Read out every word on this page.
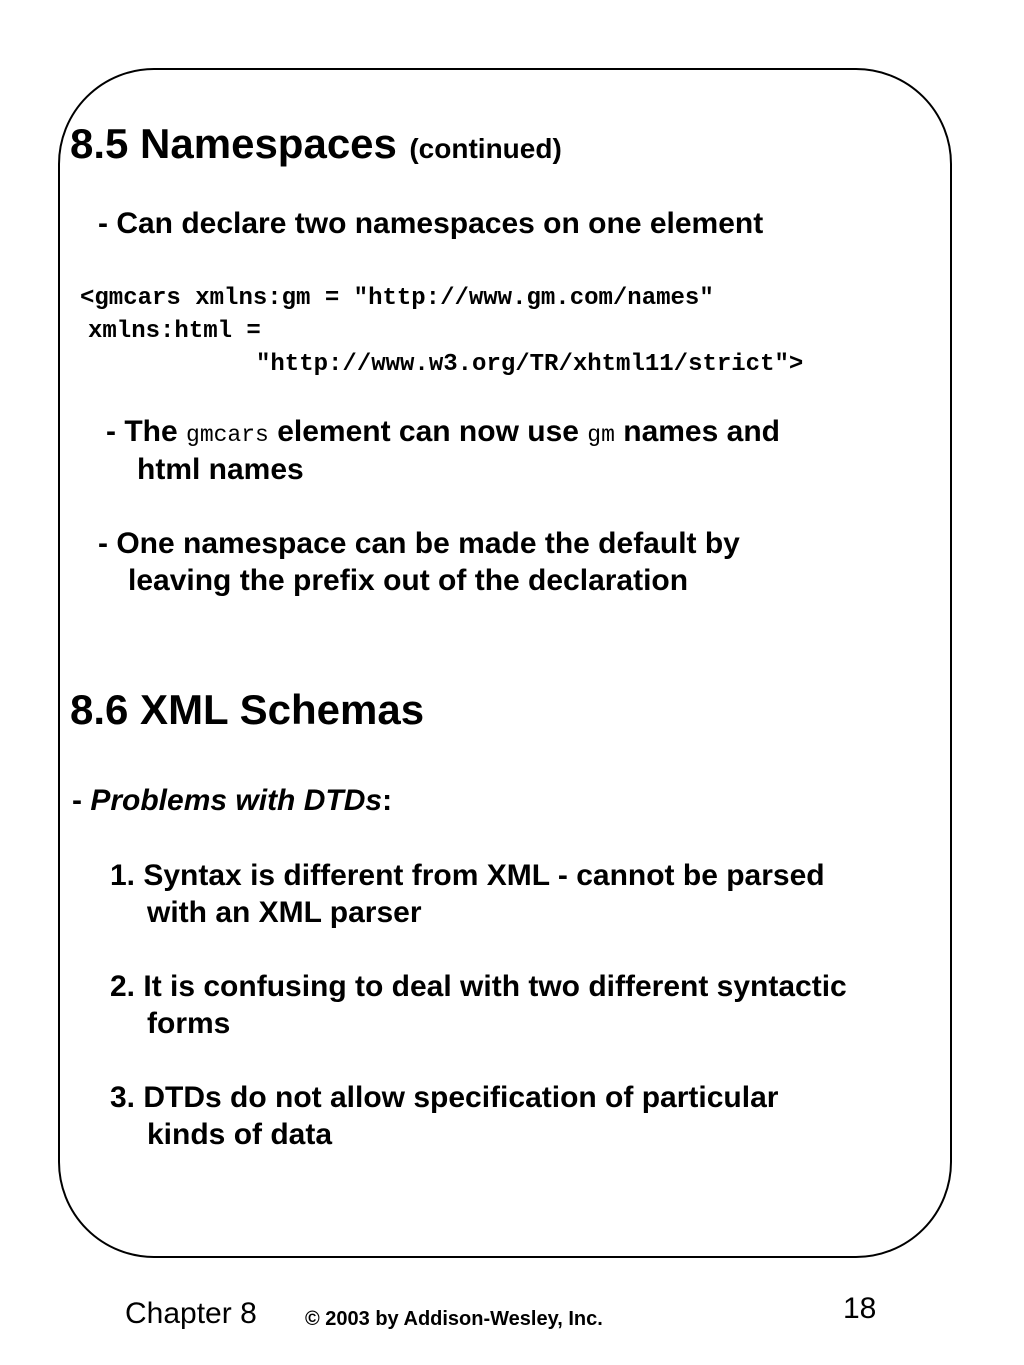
8.5 Namespaces (continued)
- Can declare two namespaces on one element
<gmcars xmlns:gm = "http://www.gm.com/names"
xmlns:html =
"http://www.w3.org/TR/xhtml11/strict">
- The gmcars element can now use gm names and
html names
- One namespace can be made the default by
leaving the prefix out of the declaration
8.6 XML Schemas
- Problems with DTDs:
1. Syntax is different from XML - cannot be parsed
with an XML parser
2. It is confusing to deal with two different syntactic
forms
3. DTDs do not allow specification of particular
kinds of data
Chapter 8 © 2003 by Addison-Wesley, Inc.	18
